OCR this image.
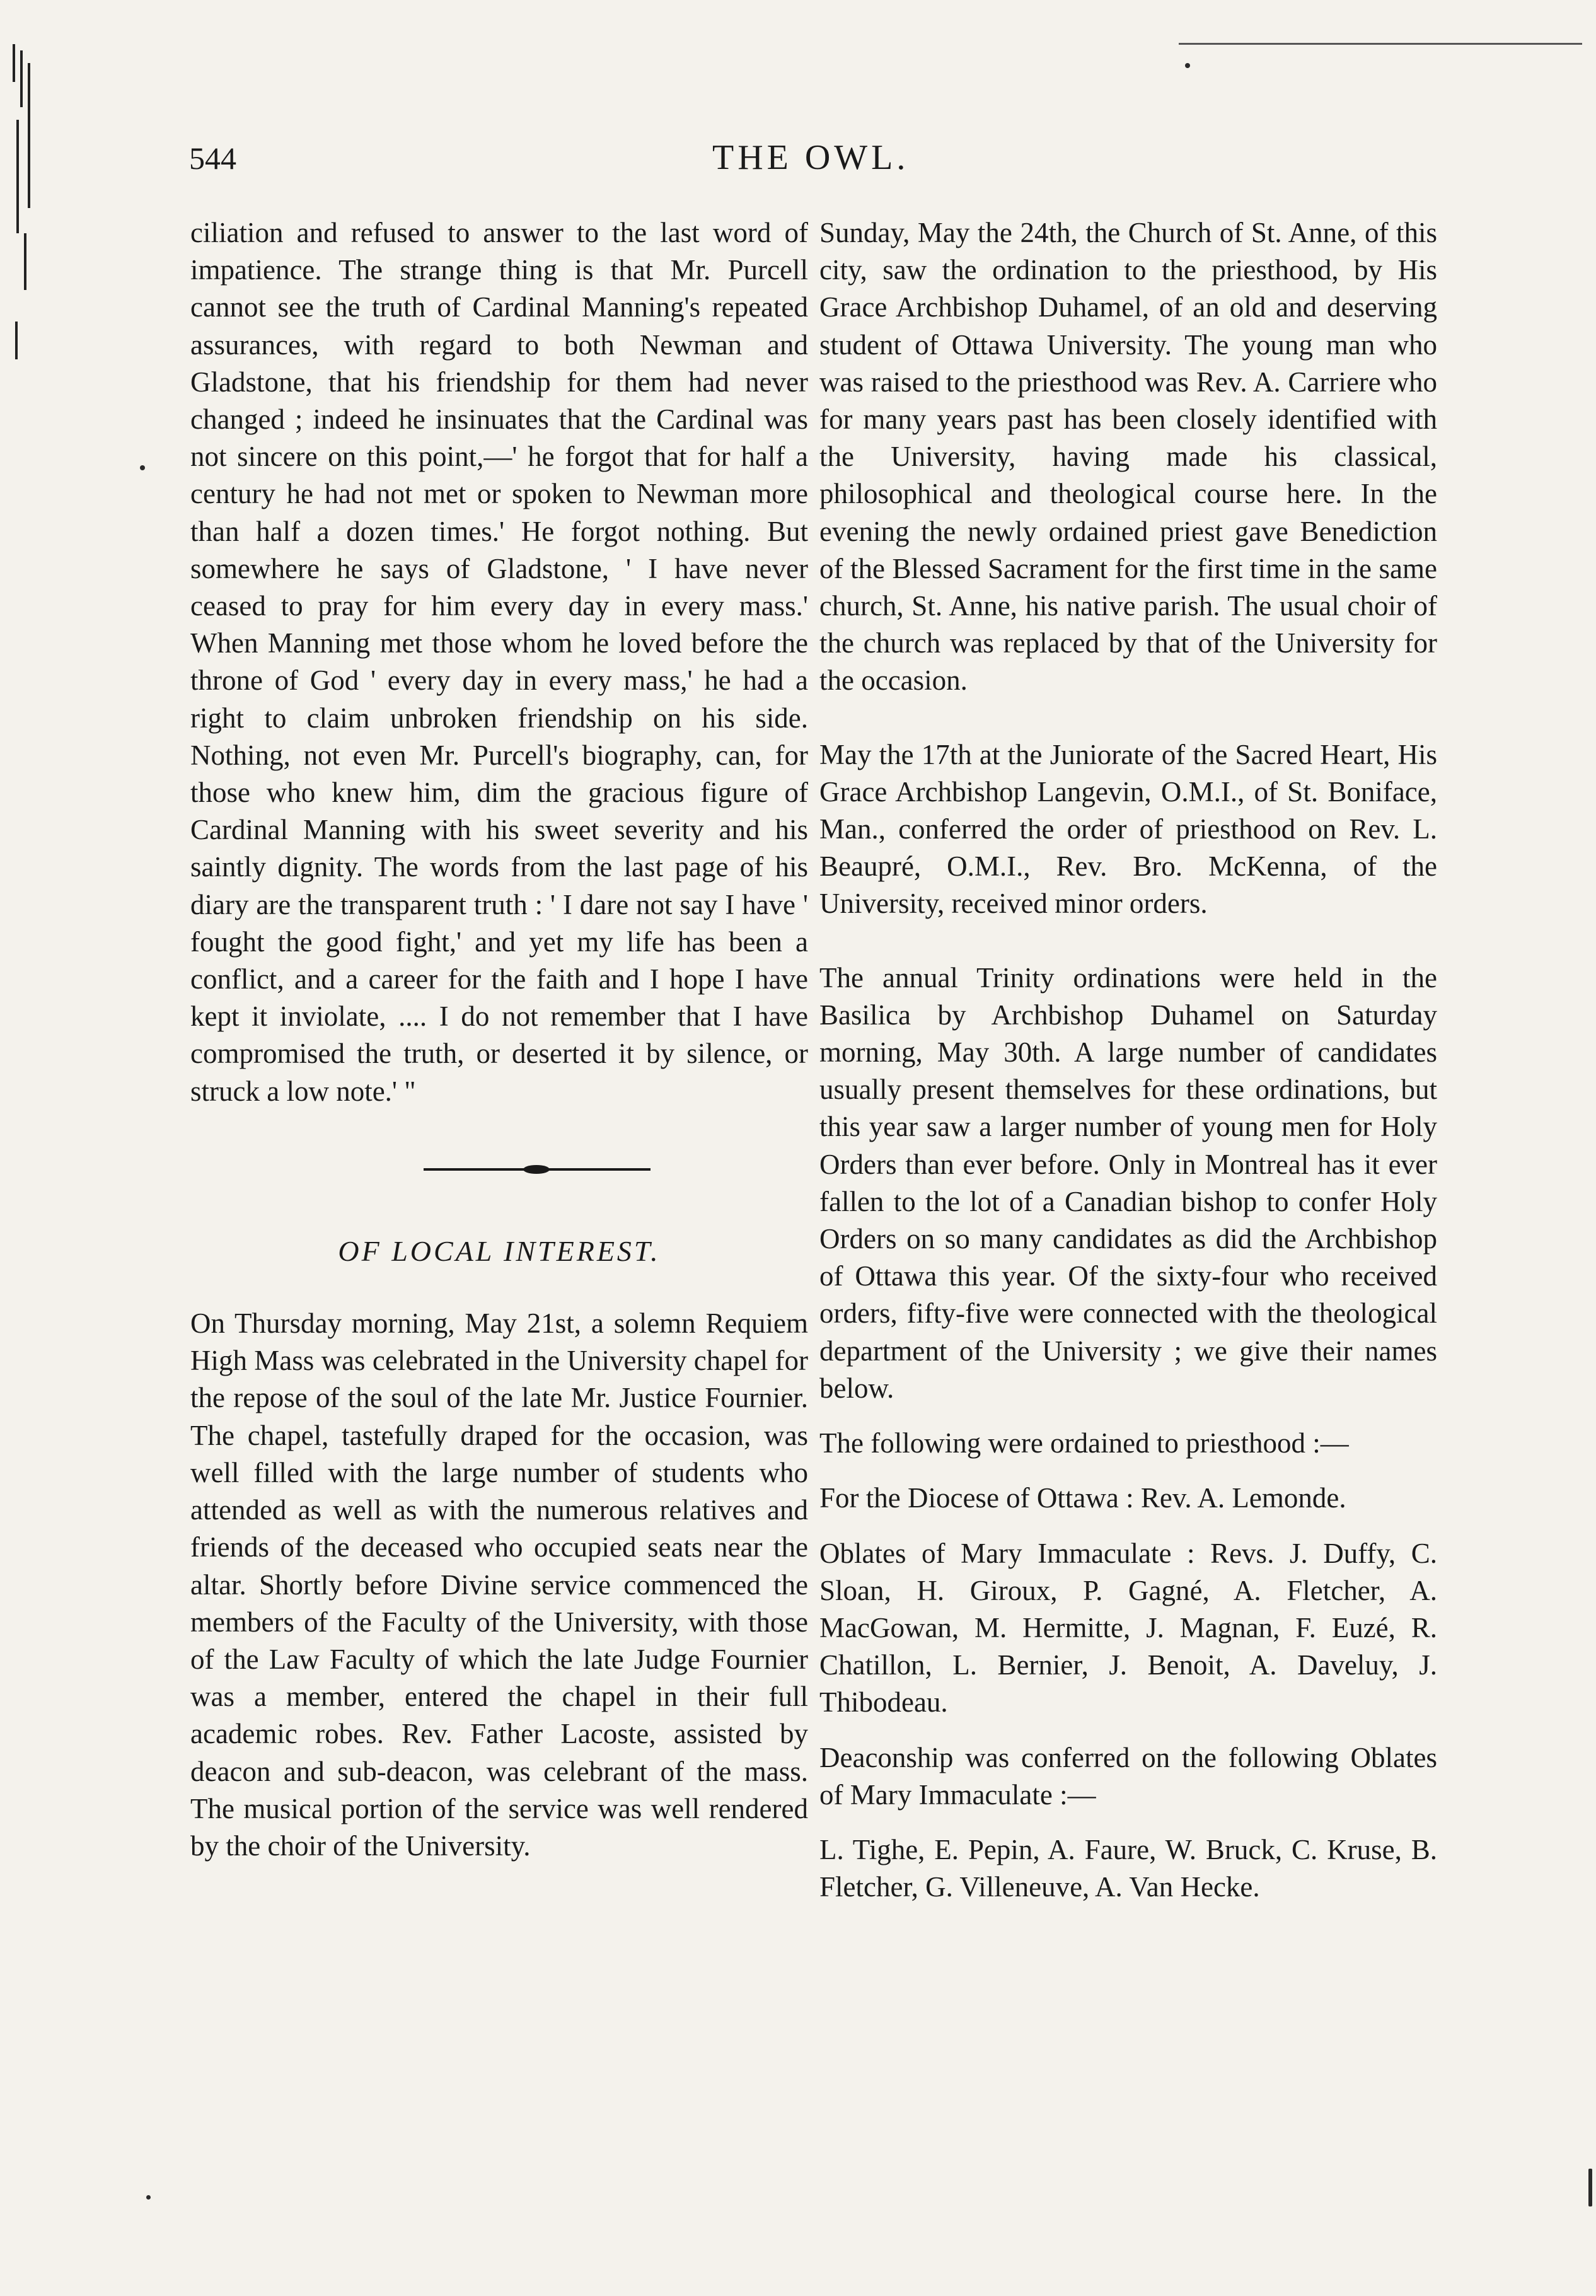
544	THE OWL.

ciliation and refused to answer to the last word of impatience. The strange thing is that Mr. Purcell cannot see the truth of Cardinal Manning's repeated assurances, with regard to both Newman and Gladstone, that his friendship for them had never changed ; indeed he insinuates that the Cardinal was not sincere on this point,—' he forgot that for half a century he had not met or spoken to Newman more than half a dozen times.' He forgot nothing. But somewhere he says of Gladstone, ' I have never ceased to pray for him every day in every mass.' When Manning met those whom he loved before the throne of God ' every day in every mass,' he had a right to claim unbroken friendship on his side. Nothing, not even Mr. Purcell's biography, can, for those who knew him, dim the gracious figure of Cardinal Manning with his sweet severity and his saintly dignity. The words from the last page of his diary are the transparent truth : ' I dare not say I have ' fought the good fight,' and yet my life has been a conflict, and a career for the faith and I hope I have kept it inviolate, .... I do not remember that I have compromised the truth, or deserted it by silence, or struck a low note.' "

OF LOCAL INTEREST.

On Thursday morning, May 21st, a solemn Requiem High Mass was celebrated in the University chapel for the repose of the soul of the late Mr. Justice Fournier. The chapel, tastefully draped for the occasion, was well filled with the large number of students who attended as well as with the numerous relatives and friends of the deceased who occupied seats near the altar. Shortly before Divine service commenced the members of the Faculty of the University, with those of the Law Faculty of which the late Judge Fournier was a member, entered the chapel in their full academic robes. Rev. Father Lacoste, assisted by deacon and sub-deacon, was celebrant of the mass. The musical portion of the service was well rendered by the choir of the University.

Sunday, May the 24th, the Church of St. Anne, of this city, saw the ordination to the priesthood, by His Grace Archbishop Duhamel, of an old and deserving student of Ottawa University. The young man who was raised to the priesthood was Rev. A. Carriere who for many years past has been closely identified with the University, having made his classical, philosophical and theological course here. In the evening the newly ordained priest gave Benediction of the Blessed Sacrament for the first time in the same church, St. Anne, his native parish. The usual choir of the church was replaced by that of the University for the occasion.

May the 17th at the Juniorate of the Sacred Heart, His Grace Archbishop Langevin, O.M.I., of St. Boniface, Man., conferred the order of priesthood on Rev. L. Beaupré, O.M.I., Rev. Bro. McKenna, of the University, received minor orders.

The annual Trinity ordinations were held in the Basilica by Archbishop Duhamel on Saturday morning, May 30th. A large number of candidates usually present themselves for these ordinations, but this year saw a larger number of young men for Holy Orders than ever before. Only in Montreal has it ever fallen to the lot of a Canadian bishop to confer Holy Orders on so many candidates as did the Archbishop of Ottawa this year. Of the sixty-four who received orders, fifty-five were connected with the theological department of the University ; we give their names below.

The following were ordained to priesthood :—

For the Diocese of Ottawa : Rev. A. Lemonde.

Oblates of Mary Immaculate : Revs. J. Duffy, C. Sloan, H. Giroux, P. Gagné, A. Fletcher, A. MacGowan, M. Hermitte, J. Magnan, F. Euzé, R. Chatillon, L. Bernier, J. Benoit, A. Daveluy, J. Thibodeau.

Deaconship was conferred on the following Oblates of Mary Immaculate :—

L. Tighe, E. Pepin, A. Faure, W. Bruck, C. Kruse, B. Fletcher, G. Villeneuve, A. Van Hecke.
